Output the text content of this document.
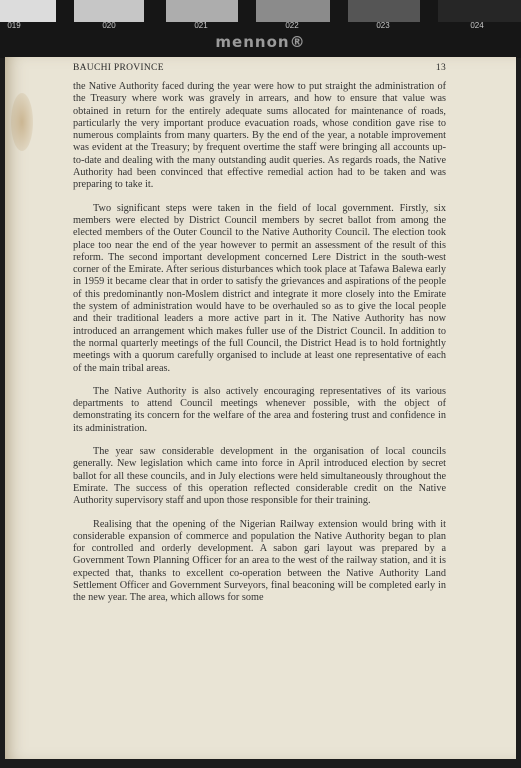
019	020	021	022	023	024
mennon®
BAUCHI PROVINCE	13

the Native Authority faced during the year were how to put straight the administration of the Treasury where work was gravely in arrears, and how to ensure that value was obtained in return for the entirely adequate sums allocated for maintenance of roads, particularly the very important produce evacuation roads, whose condition gave rise to numerous complaints from many quarters. By the end of the year, a notable improvement was evident at the Treasury; by frequent overtime the staff were bringing all accounts up-to-date and dealing with the many outstanding audit queries. As regards roads, the Native Authority had been convinced that effective remedial action had to be taken and was preparing to take it.

Two significant steps were taken in the field of local government. Firstly, six members were elected by District Council members by secret ballot from among the elected members of the Outer Council to the Native Authority Council. The election took place too near the end of the year however to permit an assessment of the result of this reform. The second important development concerned Lere District in the south-west corner of the Emirate. After serious disturbances which took place at Tafawa Balewa early in 1959 it became clear that in order to satisfy the grievances and aspirations of the people of this predominantly non-Moslem district and integrate it more closely into the Emirate the system of administration would have to be overhauled so as to give the local people and their traditional leaders a more active part in it. The Native Authority has now introduced an arrangement which makes fuller use of the District Council. In addition to the normal quarterly meetings of the full Council, the District Head is to hold fortnightly meetings with a quorum carefully organised to include at least one representative of each of the main tribal areas.

The Native Authority is also actively encouraging representatives of its various departments to attend Council meetings whenever possible, with the object of demonstrating its concern for the welfare of the area and fostering trust and confidence in its administration.

The year saw considerable development in the organisation of local councils generally. New legislation which came into force in April introduced election by secret ballot for all these councils, and in July elections were held simultaneously throughout the Emirate. The success of this operation reflected considerable credit on the Native Authority supervisory staff and upon those responsible for their training.

Realising that the opening of the Nigerian Railway extension would bring with it considerable expansion of commerce and population the Native Authority began to plan for controlled and orderly development. A sabon gari layout was prepared by a Government Town Planning Officer for an area to the west of the railway station, and it is expected that, thanks to excellent co-operation between the Native Authority Land Settlement Officer and Government Surveyors, final beaconing will be completed early in the new year. The area, which allows for some
